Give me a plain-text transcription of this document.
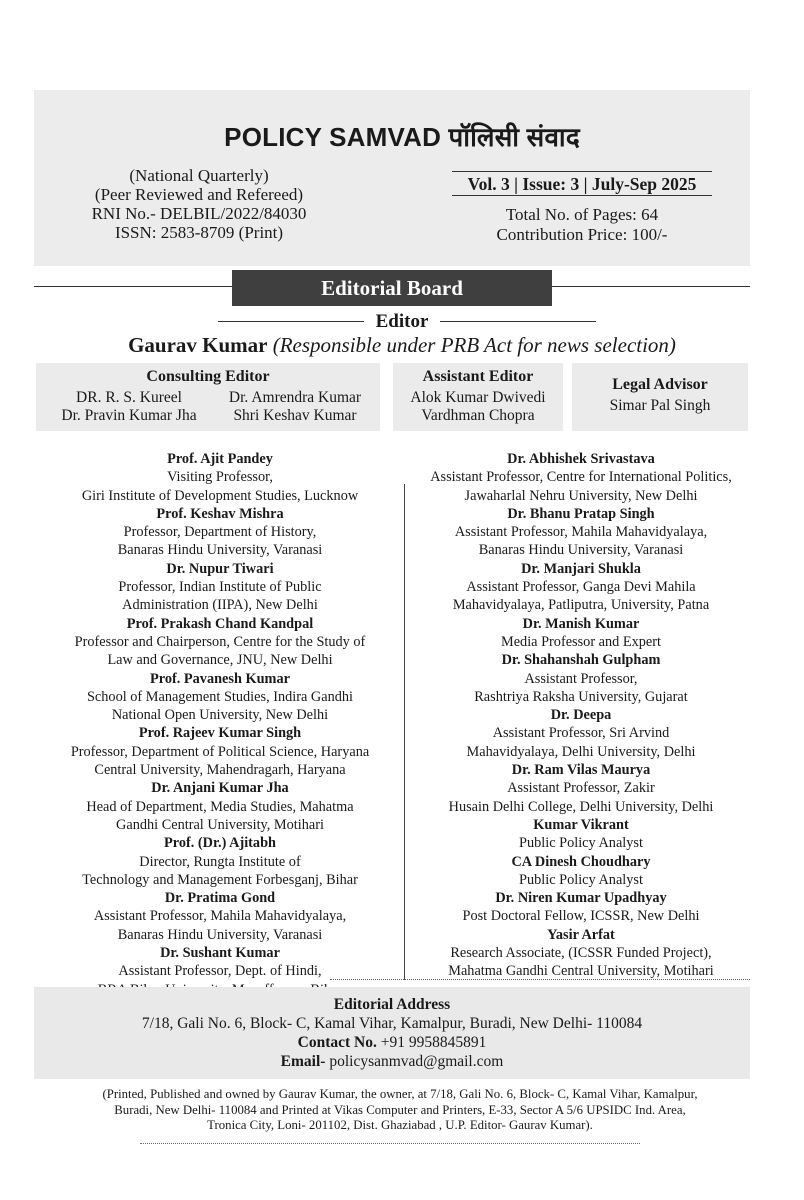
POLICY SAMVAD पॉलिसी संवाद
(National Quarterly)
(Peer Reviewed and Refereed)
RNI No.- DELBIL/2022/84030
ISSN: 2583-8709 (Print)
Vol. 3 | Issue: 3 | July-Sep 2025
Total No. of Pages: 64
Contribution Price: 100/-
Editorial Board
Editor
Gaurav Kumar (Responsible under PRB Act for news selection)
Consulting Editor
DR. R. S. Kureel
Dr. Pravin Kumar Jha
Dr. Amrendra Kumar
Shri Keshav Kumar
Assistant Editor
Alok Kumar Dwivedi
Vardhman Chopra
Legal Advisor
Simar Pal Singh
Prof. Ajit Pandey
Visiting Professor,
Giri Institute of Development Studies, Lucknow
Prof. Keshav Mishra
Professor, Department of History,
Banaras Hindu University, Varanasi
Dr. Nupur Tiwari
Professor, Indian Institute of Public
Administration (IIPA), New Delhi
Prof. Prakash Chand Kandpal
Professor and Chairperson, Centre for the Study of
Law and Governance, JNU, New Delhi
Prof. Pavanesh Kumar
School of Management Studies, Indira Gandhi
National Open University, New Delhi
Prof. Rajeev Kumar Singh
Professor, Department of Political Science, Haryana
Central University, Mahendragarh, Haryana
Dr. Anjani Kumar Jha
Head of Department, Media Studies, Mahatma
Gandhi Central University, Motihari
Prof. (Dr.) Ajitabh
Director, Rungta Institute of
Technology and Management Forbesganj, Bihar
Dr. Pratima Gond
Assistant Professor, Mahila Mahavidyalaya,
Banaras Hindu University, Varanasi
Dr. Sushant Kumar
Assistant Professor, Dept. of Hindi,
Dr. Abhishek Srivastava
Assistant Professor, Centre for International Politics,
Jawaharlal Nehru University, New Delhi
Dr. Bhanu Pratap Singh
Assistant Professor, Mahila Mahavidyalaya,
Banaras Hindu University, Varanasi
Dr. Manjari Shukla
Assistant Professor, Ganga Devi Mahila
Mahavidyalaya, Patliputra, University, Patna
Dr. Manish Kumar
Media Professor and Expert
Dr. Shahanshah Gulpham
Assistant Professor,
Rashtriya Raksha University, Gujarat
Dr. Deepa
Assistant Professor, Sri Arvind
Mahavidyalaya, Delhi University, Delhi
Dr. Ram Vilas Maurya
Assistant Professor, Zakir
Husain Delhi College, Delhi University, Delhi
Kumar Vikrant
Public Policy Analyst
CA Dinesh Choudhary
Public Policy Analyst
Dr. Niren Kumar Upadhyay
Post Doctoral Fellow, ICSSR, New Delhi
Yasir Arfat
Research Associate, (ICSSR Funded Project),
Mahatma Gandhi Central University, Motihari
Editorial Address
7/18, Gali No. 6, Block- C, Kamal Vihar, Kamalpur, Buradi, New Delhi- 110084
Contact No. +91 9958845891
Email- policysanmvad@gmail.com
(Printed, Published and owned by Gaurav Kumar, the owner, at 7/18, Gali No. 6, Block- C, Kamal Vihar, Kamalpur,
Buradi, New Delhi- 110084 and Printed at Vikas Computer and Printers, E-33, Sector A 5/6 UPSIDC Ind. Area,
Tronica City, Loni- 201102, Dist. Ghaziabad , U.P. Editor- Gaurav Kumar).
